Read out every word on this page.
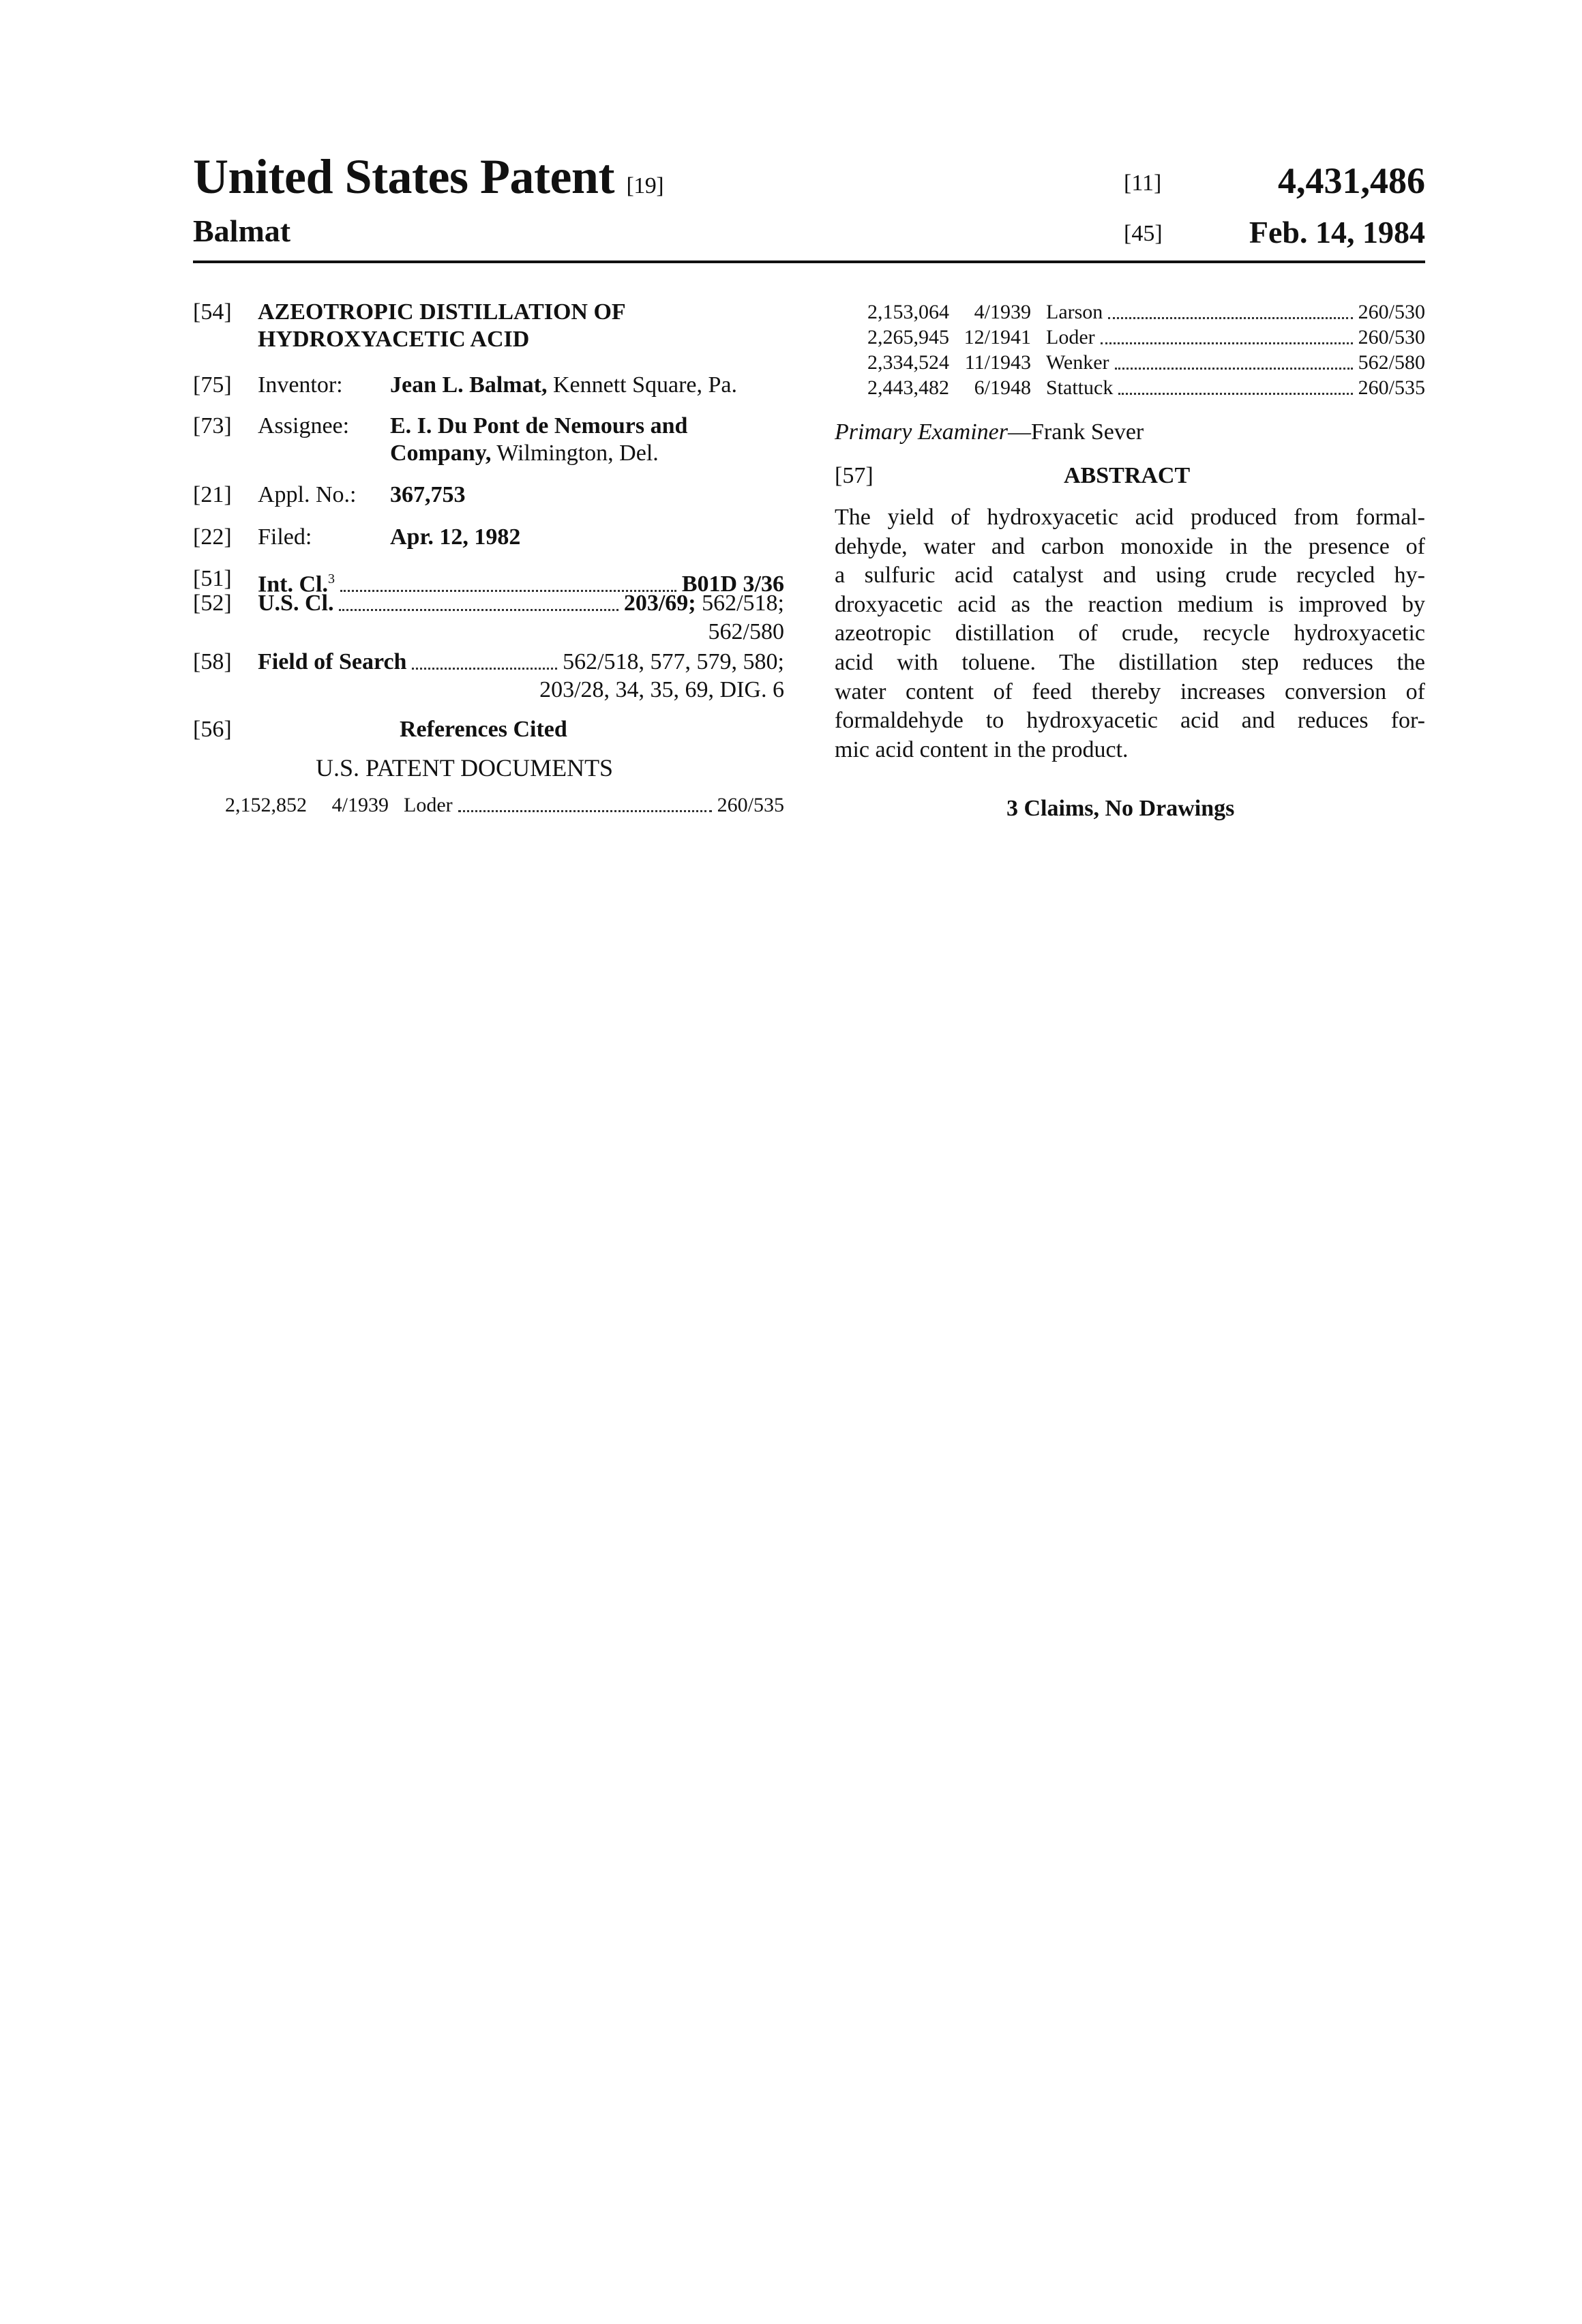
United States Patent [19]
Balmat
[11]	4,431,486
[45]	Feb. 14, 1984
[54] AZEOTROPIC DISTILLATION OF
HYDROXYACETIC ACID
[75] Inventor: Jean L. Balmat, Kennett Square, Pa.
[73] Assignee: E. I. Du Pont de Nemours and
Company, Wilmington, Del.
[21] Appl. No.: 367,753
[22] Filed:	Apr. 12, 1982
[51] Int. Cl.3	B01D 3/36
[52] U.S. Cl.	203/69; 562/518;
562/580
[58] Field of Search	562/518, 577, 579, 580;
203/28, 34, 35, 69, DIG. 6
[56]	References Cited
U.S. PATENT DOCUMENTS
2,152,852	4/1939 Loder	260/535
2,153,064	4/1939 Larson	260/530
2,265,945 12/1941 Loder	260/530
2,334,524 11/1943 Wenker	562/580
2,443,482	6/1948 Stattuck	260/535
Primary Examiner—Frank Sever
[57]	ABSTRACT
The yield of hydroxyacetic acid produced from formal-
dehyde, water and carbon monoxide in the presence of
a sulfuric acid catalyst and using crude recycled hy-
droxyacetic acid as the reaction medium is improved by
azeotropic distillation of crude, recycle hydroxyacetic
acid with toluene. The distillation step reduces the
water content of feed thereby increases conversion of
formaldehyde to hydroxyacetic acid and reduces for-
mic acid content in the product.
3 Claims, No Drawings
